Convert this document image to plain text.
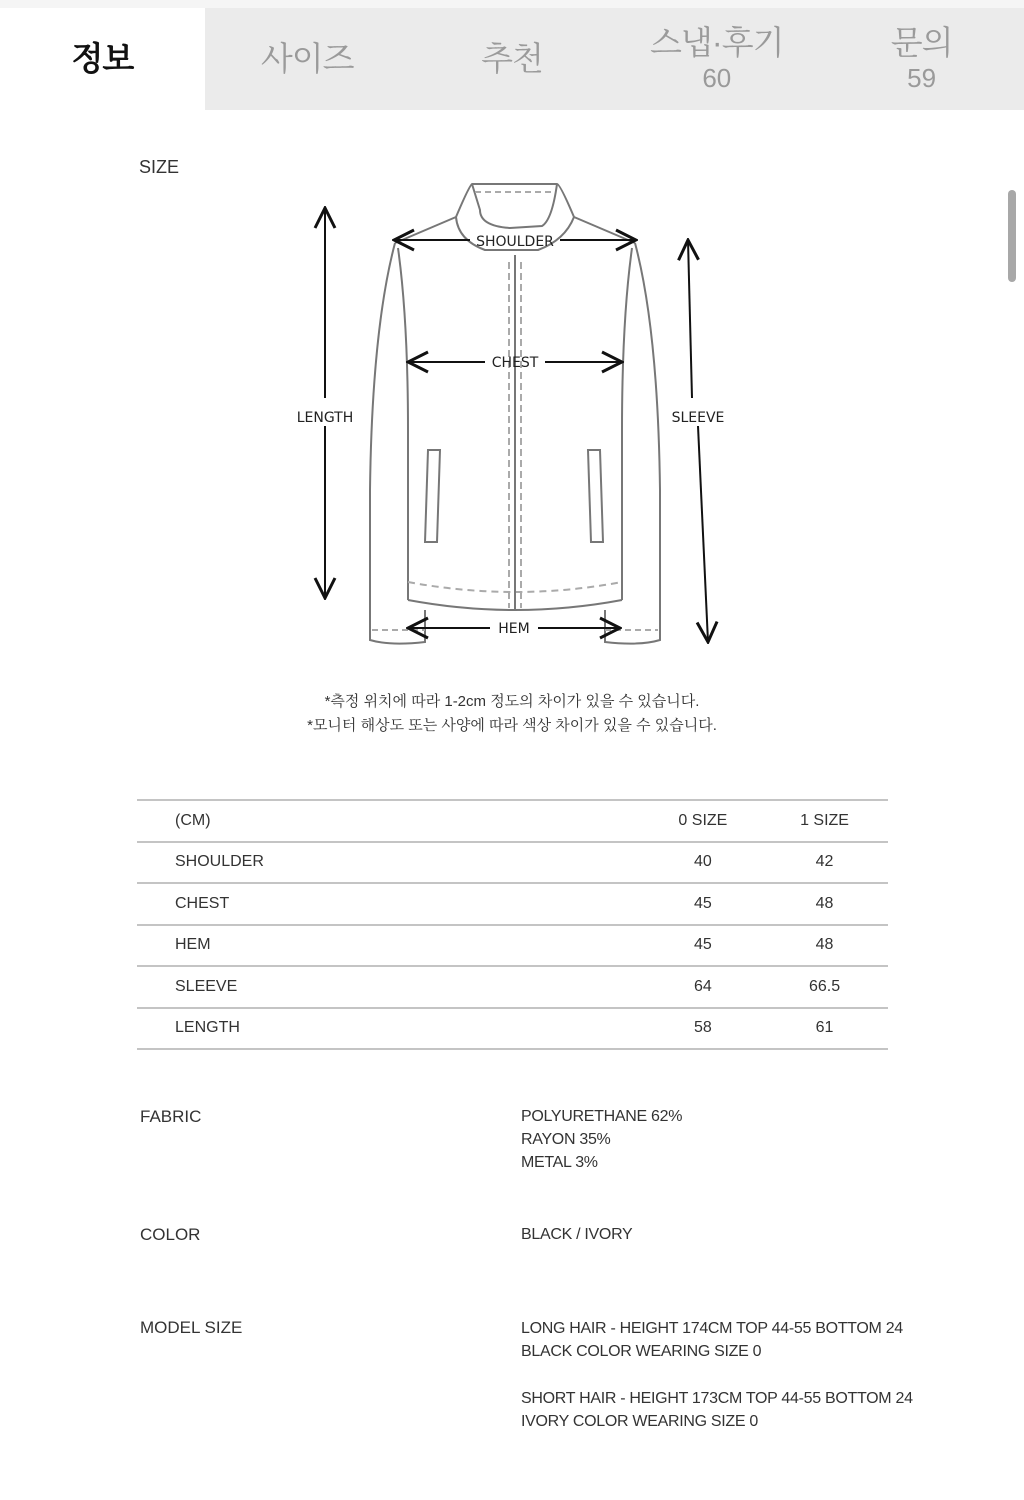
정보	사이즈	추천	스냅·후기
60
문의
59
SIZE
SHOULDER
CHEST
LENGTH	SLEEVE
HEM
*측정 위치에 따라 1-2cm 정도의 차이가 있을 수 있습니다.
*모니터 해상도 또는 사양에 따라 색상 차이가 있을 수 있습니다.
(CM)	0 SIZE	1 SIZE
SHOULDER	40	42
CHEST	45	48
HEM	45	48
SLEEVE	64	66.5
LENGTH	58	61
FABRIC	POLYURETHANE 62%
RAYON 35%
METAL 3%
COLOR	BLACK / IVORY
MODEL SIZE	LONG HAIR - HEIGHT 174CM TOP 44-55 BOTTOM 24
BLACK COLOR WEARING SIZE 0
SHORT HAIR - HEIGHT 173CM TOP 44-55 BOTTOM 24
IVORY COLOR WEARING SIZE 0
